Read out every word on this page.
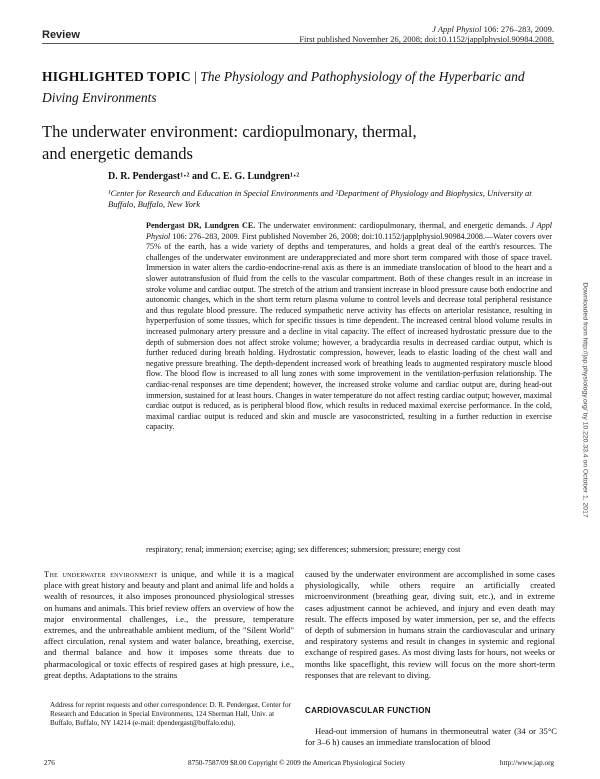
Review	J Appl Physiol 106: 276–283, 2009.
First published November 26, 2008; doi:10.1152/japplphysiol.90984.2008.
HIGHLIGHTED TOPIC | The Physiology and Pathophysiology of the Hyperbaric and Diving Environments
The underwater environment: cardiopulmonary, thermal,
and energetic demands
D. R. Pendergast¹·² and C. E. G. Lundgren¹·²
¹Center for Research and Education in Special Environments and ²Department of Physiology and Biophysics, University at Buffalo, Buffalo, New York
Pendergast DR, Lundgren CE. The underwater environment: cardiopulmonary, thermal, and energetic demands. J Appl Physiol 106: 276–283, 2009. First published November 26, 2008; doi:10.1152/japplphysiol.90984.2008.—Water covers over 75% of the earth, has a wide variety of depths and temperatures, and holds a great deal of the earth's resources. The challenges of the underwater environment are underappreciated and more short term compared with those of space travel. Immersion in water alters the cardio-endocrine-renal axis as there is an immediate translocation of blood to the heart and a slower autotransfusion of fluid from the cells to the vascular compartment. Both of these changes result in an increase in stroke volume and cardiac output. The stretch of the atrium and transient increase in blood pressure cause both endocrine and autonomic changes, which in the short term return plasma volume to control levels and decrease total peripheral resistance and thus regulate blood pressure. The reduced sympathetic nerve activity has effects on arteriolar resistance, resulting in hyperperfusion of some tissues, which for specific tissues is time dependent. The increased central blood volume results in increased pulmonary artery pressure and a decline in vital capacity. The effect of increased hydrostatic pressure due to the depth of submersion does not affect stroke volume; however, a bradycardia results in decreased cardiac output, which is further reduced during breath holding. Hydrostatic compression, however, leads to elastic loading of the chest wall and negative pressure breathing. The depth-dependent increased work of breathing leads to augmented respiratory muscle blood flow. The blood flow is increased to all lung zones with some improvement in the ventilation-perfusion relationship. The cardiac-renal responses are time dependent; however, the increased stroke volume and cardiac output are, during head-out immersion, sustained for at least hours. Changes in water temperature do not affect resting cardiac output; however, maximal cardiac output is reduced, as is peripheral blood flow, which results in reduced maximal exercise performance. In the cold, maximal cardiac output is reduced and skin and muscle are vasoconstricted, resulting in a further reduction in exercise capacity.
respiratory; renal; immersion; exercise; aging; sex differences; submersion; pressure; energy cost
The underwater environment is unique, and while it is a magical place with great history and beauty and plant and animal life and holds a wealth of resources, it also imposes pronounced physiological stresses on humans and animals. This brief review offers an overview of how the major environmental challenges, i.e., the pressure, temperature extremes, and the unbreathable ambient medium, of the "Silent World" affect circulation, renal system and water balance, breathing, exercise, and thermal balance and how it imposes some threats due to pharmacological or toxic effects of respired gases at high pressure, i.e., great depths. Adaptations to the strains
caused by the underwater environment are accomplished in some cases physiologically, while others require an artificially created microenvironment (breathing gear, diving suit, etc.), and in extreme cases adjustment cannot be achieved, and injury and even death may result. The effects imposed by water immersion, per se, and the effects of depth of submersion in humans strain the cardiovascular and urinary and respiratory systems and result in changes in systemic and regional exchange of respired gases. As most diving lasts for hours, not weeks or months like spaceflight, this review will focus on the more short-term responses that are relevant to diving.
Address for reprint requests and other correspondence: D. R. Pendergast, Center for Research and Education in Special Environments, 124 Sherman Hall, Univ. at Buffalo, Buffalo, NY 14214 (e-mail: dpendergast@buffalo.edu).
CARDIOVASCULAR FUNCTION
Head-out immersion of humans in thermoneutral water (34 or 35°C for 3–6 h) causes an immediate translocation of blood
276	8750-7587/09 $8.00 Copyright © 2009 the American Physiological Society	http://www.jap.org
Downloaded from http://jap.physiology.org/ by 10.220.33.4 on October 1, 2017
